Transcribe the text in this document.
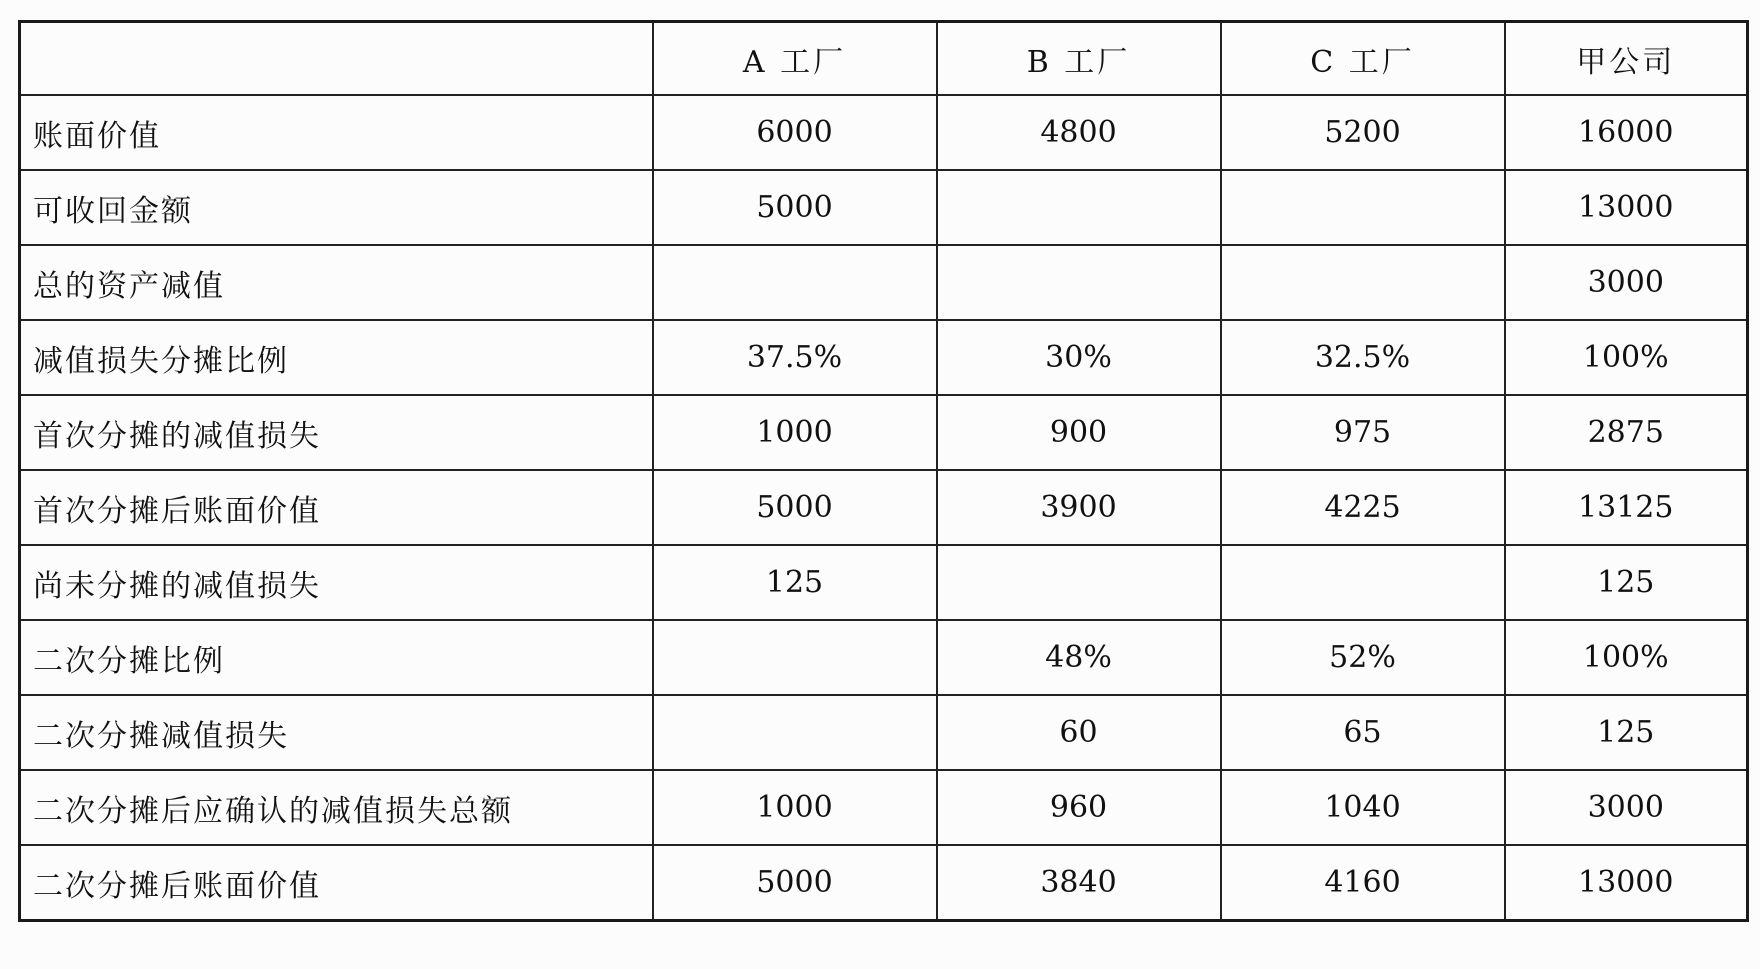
	A 工厂	B 工厂	C 工厂	甲公司
账面价值	6000	4800	5200	16000
可收回金额	5000			13000
总的资产减值				3000
减值损失分摊比例	37.5%	30%	32.5%	100%
首次分摊的减值损失	1000	900	975	2875
首次分摊后账面价值	5000	3900	4225	13125
尚未分摊的减值损失	125			125
二次分摊比例		48%	52%	100%
二次分摊减值损失		60	65	125
二次分摊后应确认的减值损失总额	1000	960	1040	3000
二次分摊后账面价值	5000	3840	4160	13000
